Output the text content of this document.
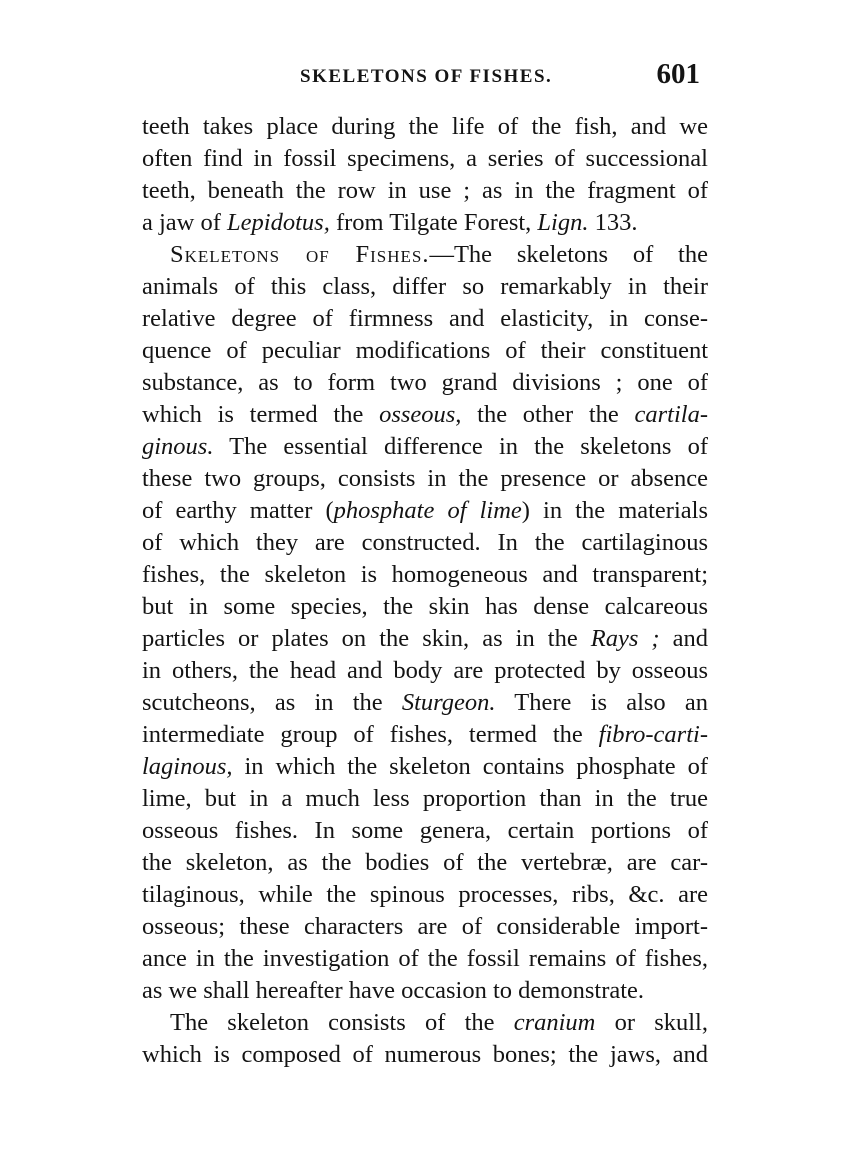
SKELETONS OF FISHES.	601
teeth takes place during the life of the fish, and we
often find in fossil specimens, a series of successional
teeth, beneath the row in use ; as in the fragment of
a jaw of Lepidotus, from Tilgate Forest, Lign. 133.
Skeletons of Fishes.—The skeletons of the
animals of this class, differ so remarkably in their
relative degree of firmness and elasticity, in conse-
quence of peculiar modifications of their constituent
substance, as to form two grand divisions ; one of
which is termed the osseous, the other the cartila-
ginous. The essential difference in the skeletons of
these two groups, consists in the presence or absence
of earthy matter (phosphate of lime) in the materials
of which they are constructed. In the cartilaginous
fishes, the skeleton is homogeneous and transparent;
but in some species, the skin has dense calcareous
particles or plates on the skin, as in the Rays ; and
in others, the head and body are protected by osseous
scutcheons, as in the Sturgeon. There is also an
intermediate group of fishes, termed the fibro-carti-
laginous, in which the skeleton contains phosphate of
lime, but in a much less proportion than in the true
osseous fishes. In some genera, certain portions of
the skeleton, as the bodies of the vertebræ, are car-
tilaginous, while the spinous processes, ribs, &c. are
osseous; these characters are of considerable import-
ance in the investigation of the fossil remains of fishes,
as we shall hereafter have occasion to demonstrate.
The skeleton consists of the cranium or skull,
which is composed of numerous bones; the jaws, and
